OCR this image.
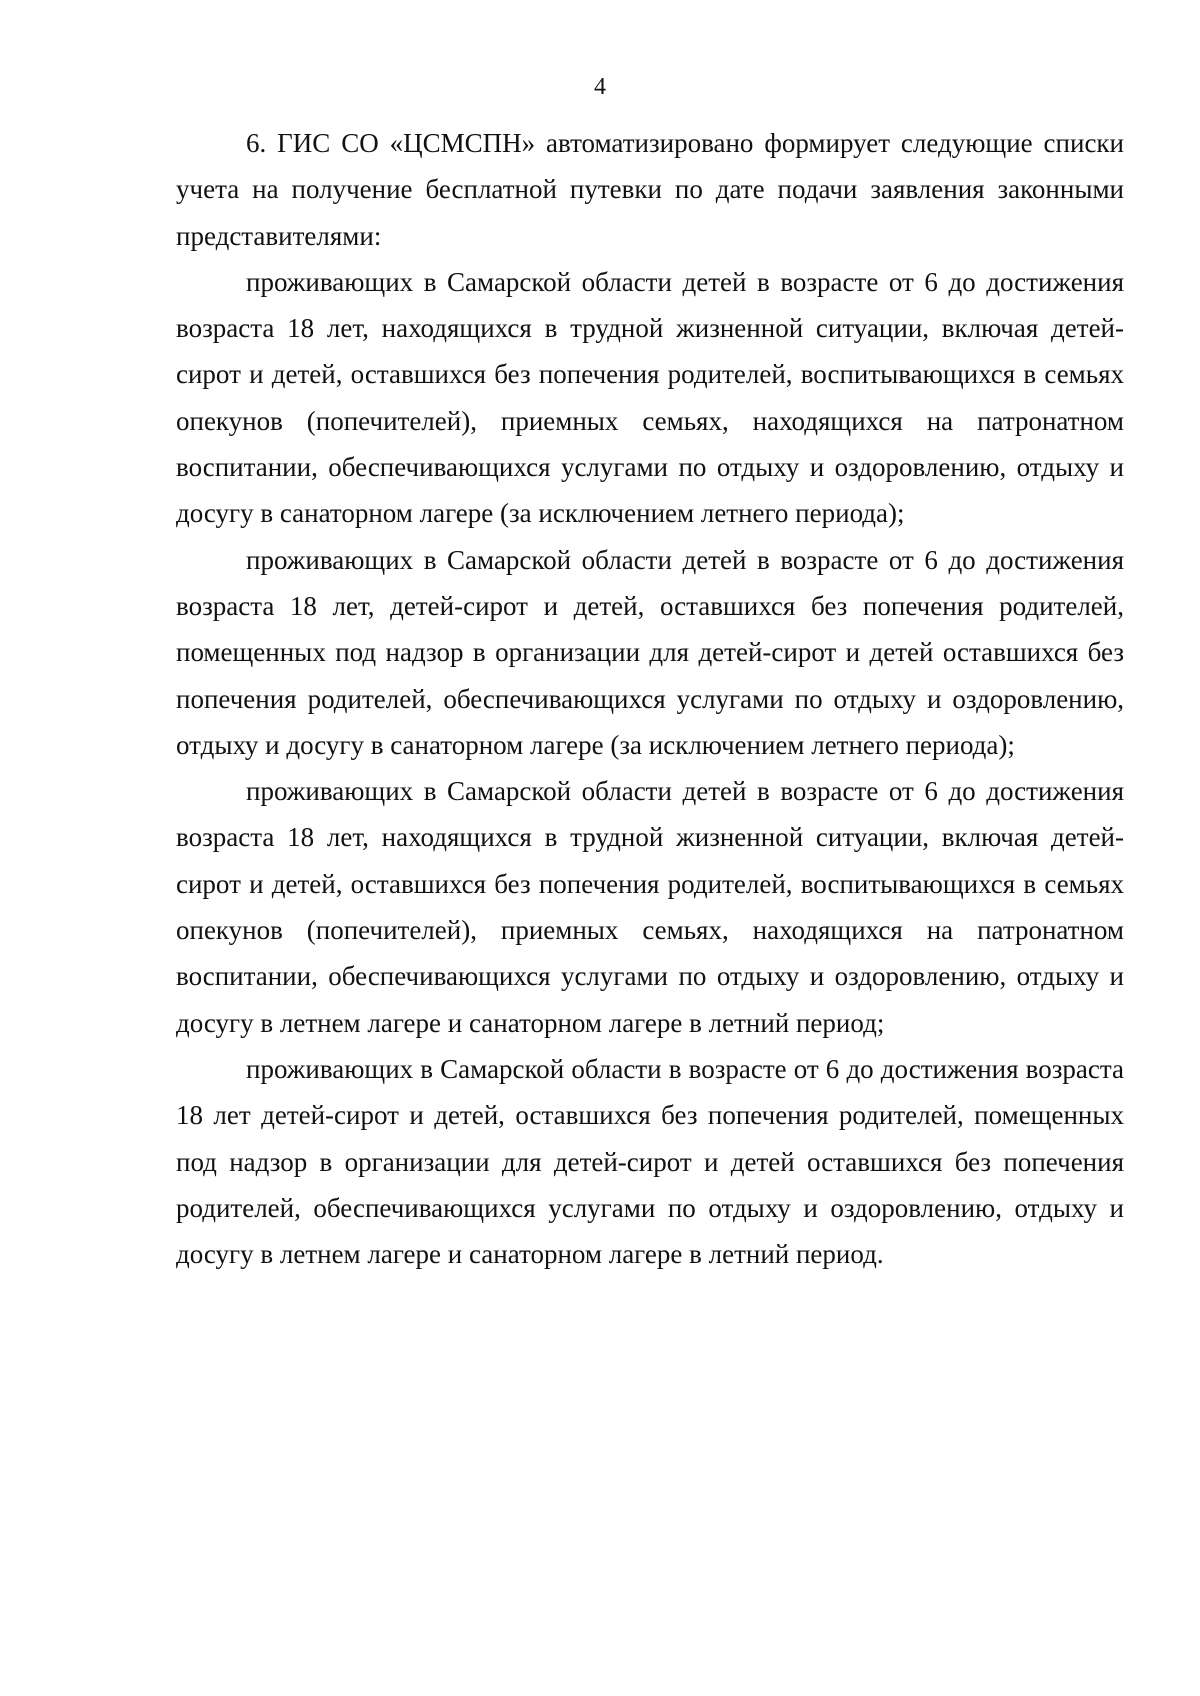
4

6. ГИС СО «ЦСМСПН» автоматизировано формирует следующие списки учета на получение бесплатной путевки по дате подачи заявления законными представителями:

проживающих в Самарской области детей в возрасте от 6 до достижения возраста 18 лет, находящихся в трудной жизненной ситуации, включая детей-сирот и детей, оставшихся без попечения родителей, воспитывающихся в семьях опекунов (попечителей), приемных семьях, находящихся на патронатном воспитании, обеспечивающихся услугами по отдыху и оздоровлению, отдыху и досугу в санаторном лагере (за исключением летнего периода);

проживающих в Самарской области детей в возрасте от 6 до достижения возраста 18 лет, детей-сирот и детей, оставшихся без попечения родителей, помещенных под надзор в организации для детей-сирот и детей оставшихся без попечения родителей, обеспечивающихся услугами по отдыху и оздоровлению, отдыху и досугу в санаторном лагере (за исключением летнего периода);

проживающих в Самарской области детей в возрасте от 6 до достижения возраста 18 лет, находящихся в трудной жизненной ситуации, включая детей-сирот и детей, оставшихся без попечения родителей, воспитывающихся в семьях опекунов (попечителей), приемных семьях, находящихся на патронатном воспитании, обеспечивающихся услугами по отдыху и оздоровлению, отдыху и досугу в летнем лагере и санаторном лагере в летний период;

проживающих в Самарской области в возрасте от 6 до достижения возраста 18 лет детей-сирот и детей, оставшихся без попечения родителей, помещенных под надзор в организации для детей-сирот и детей оставшихся без попечения родителей, обеспечивающихся услугами по отдыху и оздоровлению, отдыху и досугу в летнем лагере и санаторном лагере в летний период.
